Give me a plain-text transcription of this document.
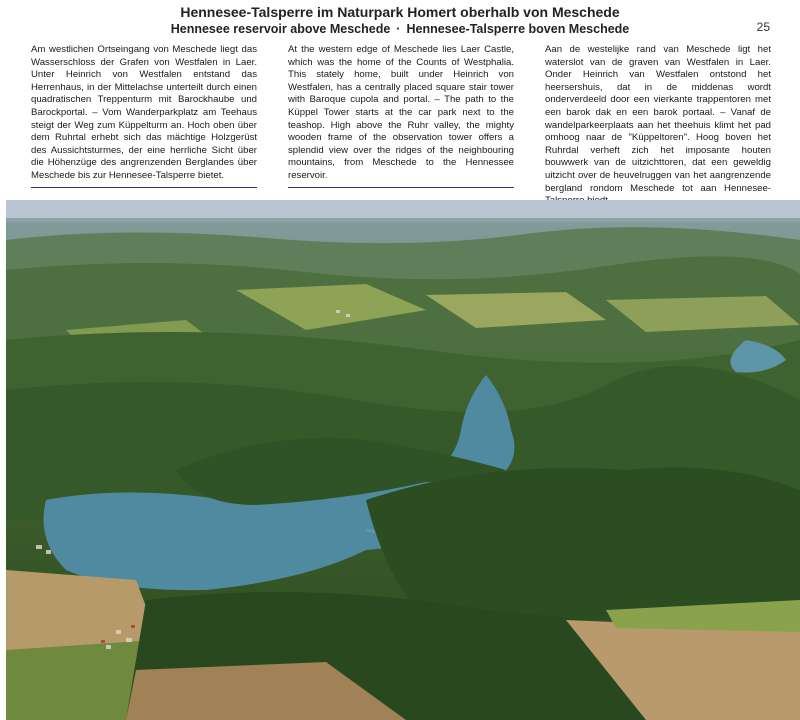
Hennesee-Talsperre im Naturpark Homert oberhalb von Meschede
Hennesee reservoir above Meschede · Hennesee-Talsperre boven Meschede	25
Am westlichen Ortseingang von Meschede liegt das Wasserschloss der Grafen von Westfalen in Laer. Unter Heinrich von Westfalen entstand das Herrenhaus, in der Mittelachse unterteilt durch einen quadratischen Treppenturm mit Barockhaube und Barockportal. – Vom Wanderparkplatz am Teehaus steigt der Weg zum Küppelturm an. Hoch oben über dem Ruhrtal erhebt sich das mächtige Holzgerüst des Aussichtsturmes, der eine herrliche Sicht über die Höhenzüge des angrenzenden Berglandes über Meschede bis zur Hennesee-Talsperre bietet.
At the western edge of Meschede lies Laer Castle, which was the home of the Counts of Westphalia. This stately home, built under Heinrich von Westfalen, has a centrally placed square stair tower with Baroque cupola and portal. – The path to the Küppel Tower starts at the car park next to the teashop. High above the Ruhr valley, the mighty wooden frame of the observation tower offers a splendid view over the ridges of the neighbouring mountains, from Meschede to the Hennessee reservoir.
Aan de westelijke rand van Meschede ligt het waterslot van de graven van Westfalen in Laer. Onder Heinrich van Westfalen ontstond het heersershuis, dat in de middenas wordt onderverdeeld door een vierkante trappentoren met een barok dak en een barok portaal. – Vanaf de wandelparkeerplaats aan het theehuis klimt het pad omhoog naar de "Küppeltoren". Hoog boven het Ruhrdal verheft zich het imposante houten bouwwerk van de uitzichttoren, dat een geweldig uitzicht over de heuvelruggen van het aangrenzende bergland rondom Meschede tot aan Hennesee-
